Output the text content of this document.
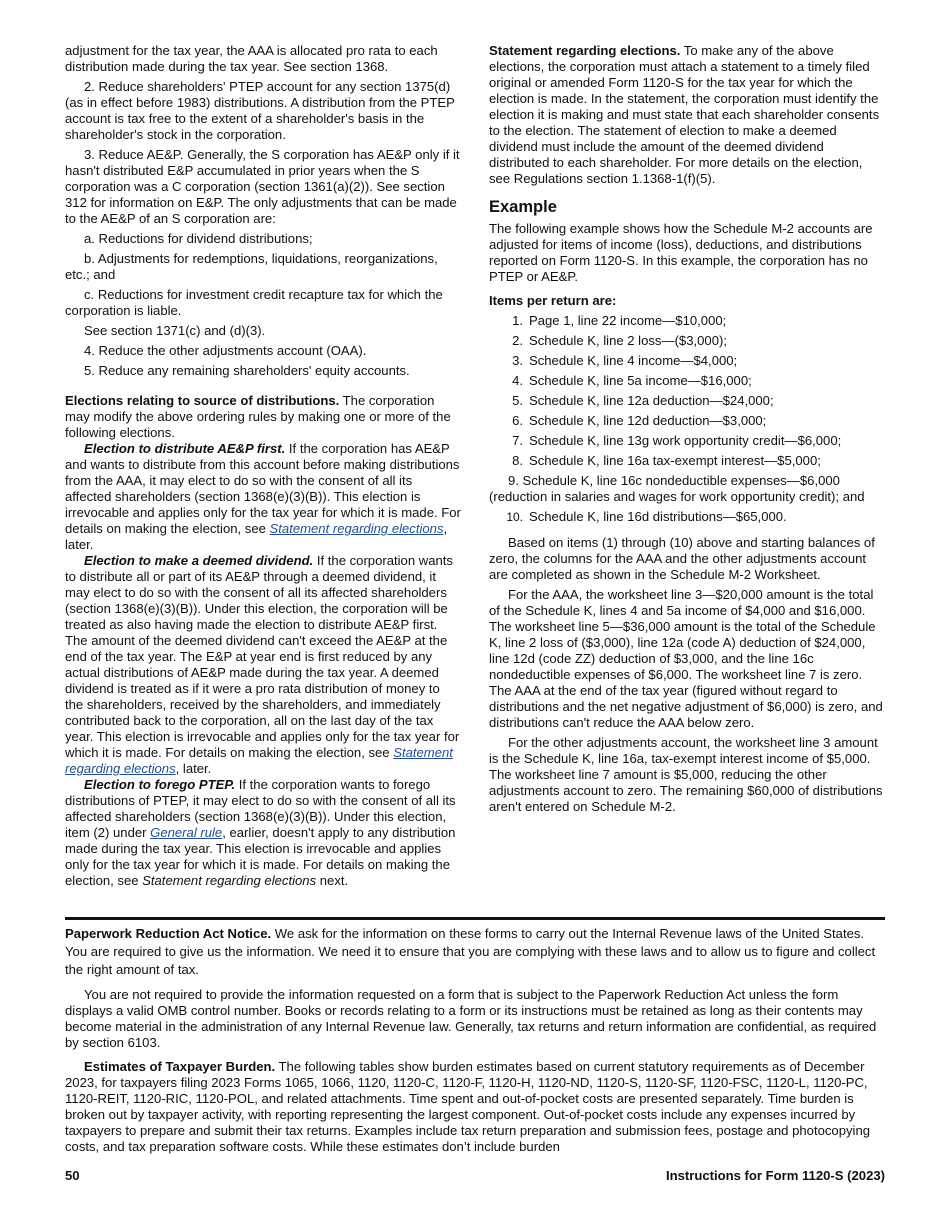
adjustment for the tax year, the AAA is allocated pro rata to each distribution made during the tax year. See section 1368.

2. Reduce shareholders' PTEP account for any section 1375(d) (as in effect before 1983) distributions. A distribution from the PTEP account is tax free to the extent of a shareholder's basis in the shareholder's stock in the corporation.

3. Reduce AE&P. Generally, the S corporation has AE&P only if it hasn't distributed E&P accumulated in prior years when the S corporation was a C corporation (section 1361(a)(2)). See section 312 for information on E&P. The only adjustments that can be made to the AE&P of an S corporation are:

a. Reductions for dividend distributions;

b. Adjustments for redemptions, liquidations, reorganizations, etc.; and

c. Reductions for investment credit recapture tax for which the corporation is liable.

See section 1371(c) and (d)(3).

4. Reduce the other adjustments account (OAA).

5. Reduce any remaining shareholders' equity accounts.

Elections relating to source of distributions. The corporation may modify the above ordering rules by making one or more of the following elections.

Election to distribute AE&P first. If the corporation has AE&P and wants to distribute from this account before making distributions from the AAA, it may elect to do so with the consent of all its affected shareholders (section 1368(e)(3)(B)). This election is irrevocable and applies only for the tax year for which it is made. For details on making the election, see Statement regarding elections, later.

Election to make a deemed dividend. If the corporation wants to distribute all or part of its AE&P through a deemed dividend, it may elect to do so with the consent of all its affected shareholders (section 1368(e)(3)(B)). Under this election, the corporation will be treated as also having made the election to distribute AE&P first. The amount of the deemed dividend can't exceed the AE&P at the end of the tax year. The E&P at year end is first reduced by any actual distributions of AE&P made during the tax year. A deemed dividend is treated as if it were a pro rata distribution of money to the shareholders, received by the shareholders, and immediately contributed back to the corporation, all on the last day of the tax year. This election is irrevocable and applies only for the tax year for which it is made. For details on making the election, see Statement regarding elections, later.

Election to forego PTEP. If the corporation wants to forego distributions of PTEP, it may elect to do so with the consent of all its affected shareholders (section 1368(e)(3)(B)). Under this election, item (2) under General rule, earlier, doesn't apply to any distribution made during the tax year. This election is irrevocable and applies only for the tax year for which it is made. For details on making the election, see Statement regarding elections next.

Statement regarding elections. To make any of the above elections, the corporation must attach a statement to a timely filed original or amended Form 1120-S for the tax year for which the election is made. In the statement, the corporation must identify the election it is making and must state that each shareholder consents to the election. The statement of election to make a deemed dividend must include the amount of the deemed dividend distributed to each shareholder. For more details on the election, see Regulations section 1.1368-1(f)(5).

Example

The following example shows how the Schedule M-2 accounts are adjusted for items of income (loss), deductions, and distributions reported on Form 1120-S. In this example, the corporation has no PTEP or AE&P.

Items per return are:

1. Page 1, line 22 income—$10,000;
2. Schedule K, line 2 loss—($3,000);
3. Schedule K, line 4 income—$4,000;
4. Schedule K, line 5a income—$16,000;
5. Schedule K, line 12a deduction—$24,000;
6. Schedule K, line 12d deduction—$3,000;
7. Schedule K, line 13g work opportunity credit—$6,000;
8. Schedule K, line 16a tax-exempt interest—$5,000;

9. Schedule K, line 16c nondeductible expenses—$6,000 (reduction in salaries and wages for work opportunity credit); and

10. Schedule K, line 16d distributions—$65,000.

Based on items (1) through (10) above and starting balances of zero, the columns for the AAA and the other adjustments account are completed as shown in the Schedule M-2 Worksheet.

For the AAA, the worksheet line 3—$20,000 amount is the total of the Schedule K, lines 4 and 5a income of $4,000 and $16,000. The worksheet line 5—$36,000 amount is the total of the Schedule K, line 2 loss of ($3,000), line 12a (code A) deduction of $24,000, line 12d (code ZZ) deduction of $3,000, and the line 16c nondeductible expenses of $6,000. The worksheet line 7 is zero. The AAA at the end of the tax year (figured without regard to distributions and the net negative adjustment of $6,000) is zero, and distributions can't reduce the AAA below zero.

For the other adjustments account, the worksheet line 3 amount is the Schedule K, line 16a, tax-exempt interest income of $5,000. The worksheet line 7 amount is $5,000, reducing the other adjustments account to zero. The remaining $60,000 of distributions aren't entered on Schedule M-2.

Paperwork Reduction Act Notice. We ask for the information on these forms to carry out the Internal Revenue laws of the United States. You are required to give us the information. We need it to ensure that you are complying with these laws and to allow us to figure and collect the right amount of tax.

You are not required to provide the information requested on a form that is subject to the Paperwork Reduction Act unless the form displays a valid OMB control number. Books or records relating to a form or its instructions must be retained as long as their contents may become material in the administration of any Internal Revenue law. Generally, tax returns and return information are confidential, as required by section 6103.

Estimates of Taxpayer Burden. The following tables show burden estimates based on current statutory requirements as of December 2023, for taxpayers filing 2023 Forms 1065, 1066, 1120, 1120-C, 1120-F, 1120-H, 1120-ND, 1120-S, 1120-SF, 1120-FSC, 1120-L, 1120-PC, 1120-REIT, 1120-RIC, 1120-POL, and related attachments. Time spent and out-of-pocket costs are presented separately. Time burden is broken out by taxpayer activity, with reporting representing the largest component. Out-of-pocket costs include any expenses incurred by taxpayers to prepare and submit their tax returns. Examples include tax return preparation and submission fees, postage and photocopying costs, and tax preparation software costs. While these estimates don’t include burden

50	Instructions for Form 1120-S (2023)
